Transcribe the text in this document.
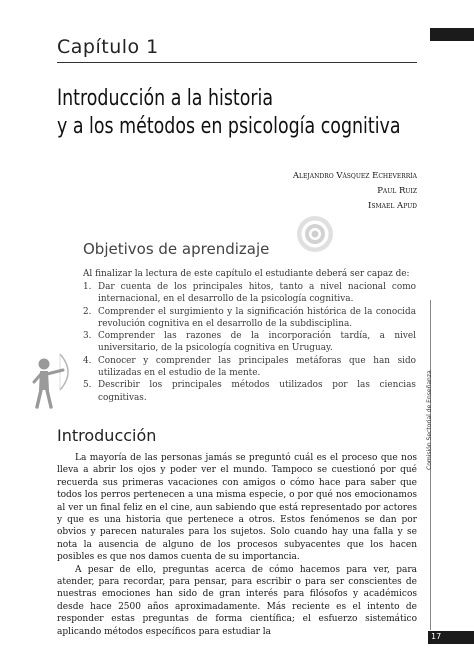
Capítulo 1
Introducción a la historia
y a los métodos en psicología cognitiva
Alejandro Vásquez Echeverría
Paul Ruiz
Ismael Apud
Objetivos de aprendizaje
Al finalizar la lectura de este capítulo el estudiante deberá ser capaz de:
1. Dar cuenta de los principales hitos, tanto a nivel nacional como internacional, en el desarrollo de la psicología cognitiva.
2. Comprender el surgimiento y la significación histórica de la conocida revolución cognitiva en el desarrollo de la subdisciplina.
3. Comprender las razones de la incorporación tardía, a nivel universitario, de la psicología cognitiva en Uruguay.
4. Conocer y comprender las principales metáforas que han sido utilizadas en el estudio de la mente.
5. Describir los principales métodos utilizados por las ciencias cognitivas.
Introducción

La mayoría de las personas jamás se preguntó cuál es el proceso que nos lleva a abrir los ojos y poder ver el mundo. Tampoco se cuestionó por qué recuerda sus primeras vacaciones con amigos o cómo hace para saber que todos los perros pertenecen a una misma especie, o por qué nos emocionamos al ver un final feliz en el cine, aun sabiendo que está representado por actores y que es una historia que pertenece a otros. Estos fenómenos se dan por obvios y parecen naturales para los sujetos. Solo cuando hay una falla y se nota la ausencia de alguno de los procesos subyacentes que los hacen posibles es que nos damos cuenta de su importancia.

A pesar de ello, preguntas acerca de cómo hacemos para ver, para atender, para recordar, para pensar, para escribir o para ser conscientes de nuestras emociones han sido de gran interés para filósofos y académicos desde hace 2500 años aproximadamente. Más reciente es el intento de responder estas preguntas de forma científica; el esfuerzo sistemático aplicando métodos específicos para estudiar la

Comisión Sectorial de Enseñanza
17
